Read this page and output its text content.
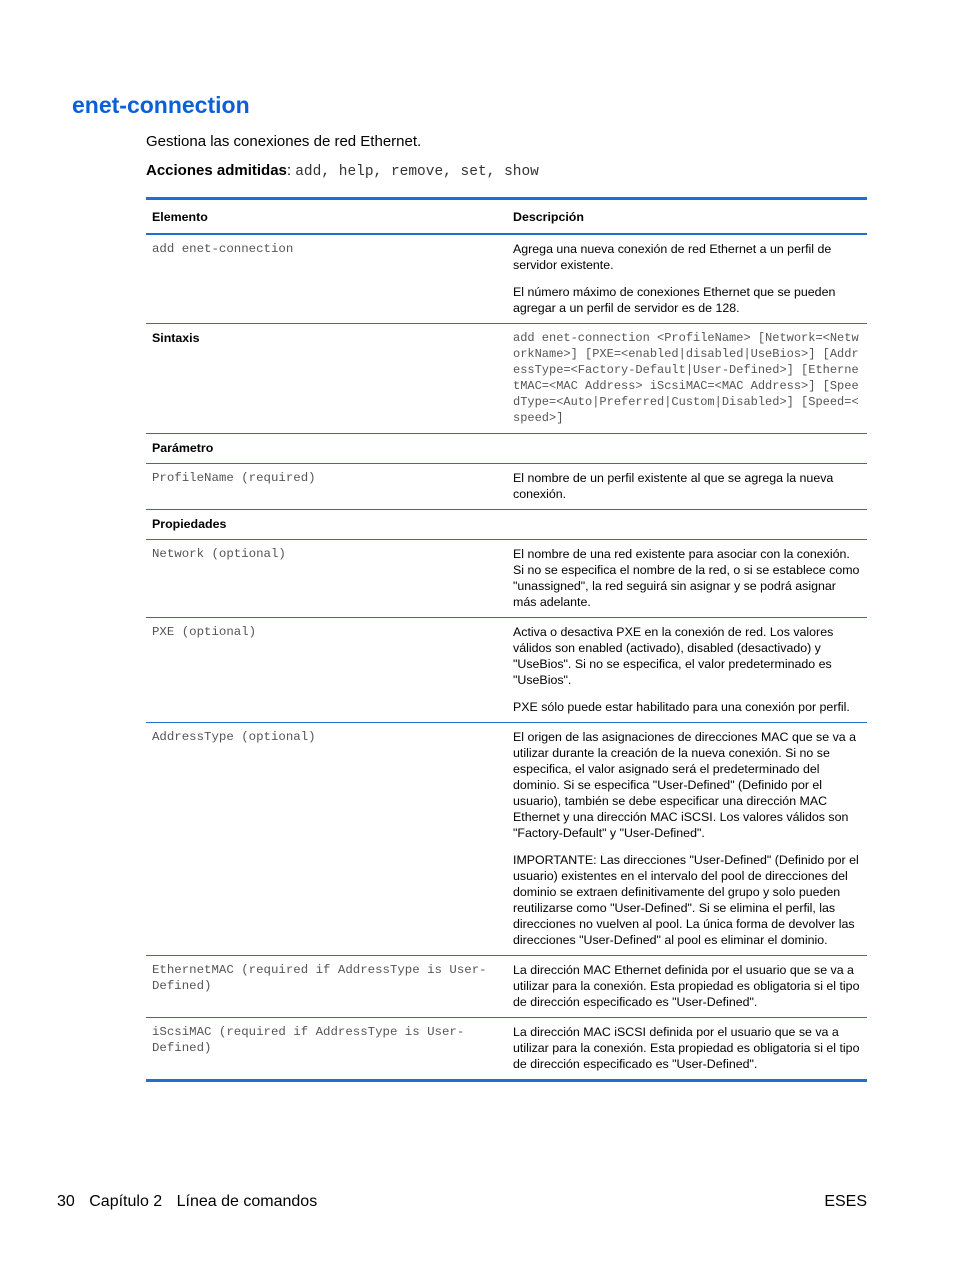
enet-connection

Gestiona las conexiones de red Ethernet.

Acciones admitidas: add, help, remove, set, show

Elemento	Descripción
add enet-connection	Agrega una nueva conexión de red Ethernet a un perfil de servidor existente.

El número máximo de conexiones Ethernet que se pueden agregar a un perfil de servidor es de 128.

Sintaxis	add enet-connection <ProfileName> [Network=<NetworkName>] [PXE=<enabled|disabled|UseBios>] [AddressType=<Factory-Default|User-Defined>] [EthernetMAC=<MAC Address> iScsiMAC=<MAC Address>] [SpeedType=<Auto|Preferred|Custom|Disabled>] [Speed=<speed>]

Parámetro	
ProfileName (required)	El nombre de un perfil existente al que se agrega la nueva conexión.

Propiedades	
Network (optional)	El nombre de una red existente para asociar con la conexión. Si no se especifica el nombre de la red, o si se establece como "unassigned", la red seguirá sin asignar y se podrá asignar más adelante.

PXE (optional)	Activa o desactiva PXE en la conexión de red. Los valores válidos son enabled (activado), disabled (desactivado) y "UseBios". Si no se especifica, el valor predeterminado es "UseBios".

PXE sólo puede estar habilitado para una conexión por perfil.

AddressType (optional)	El origen de las asignaciones de direcciones MAC que se va a utilizar durante la creación de la nueva conexión. Si no se especifica, el valor asignado será el predeterminado del dominio. Si se especifica "User-Defined" (Definido por el usuario), también se debe especificar una dirección MAC Ethernet y una dirección MAC iSCSI. Los valores válidos son "Factory-Default" y "User-Defined".

IMPORTANTE: Las direcciones "User-Defined" (Definido por el usuario) existentes en el intervalo del pool de direcciones del dominio se extraen definitivamente del grupo y solo pueden reutilizarse como "User-Defined". Si se elimina el perfil, las direcciones no vuelven al pool. La única forma de devolver las direcciones "User-Defined" al pool es eliminar el dominio.

EthernetMAC (required if AddressType is User-Defined)	La dirección MAC Ethernet definida por el usuario que se va a utilizar para la conexión. Esta propiedad es obligatoria si el tipo de dirección especificado es "User-Defined".

iScsiMAC (required if AddressType is User-Defined)	La dirección MAC iSCSI definida por el usuario que se va a utilizar para la conexión. Esta propiedad es obligatoria si el tipo de dirección especificado es "User-Defined".

30 Capítulo 2 Línea de comandos	ESES
